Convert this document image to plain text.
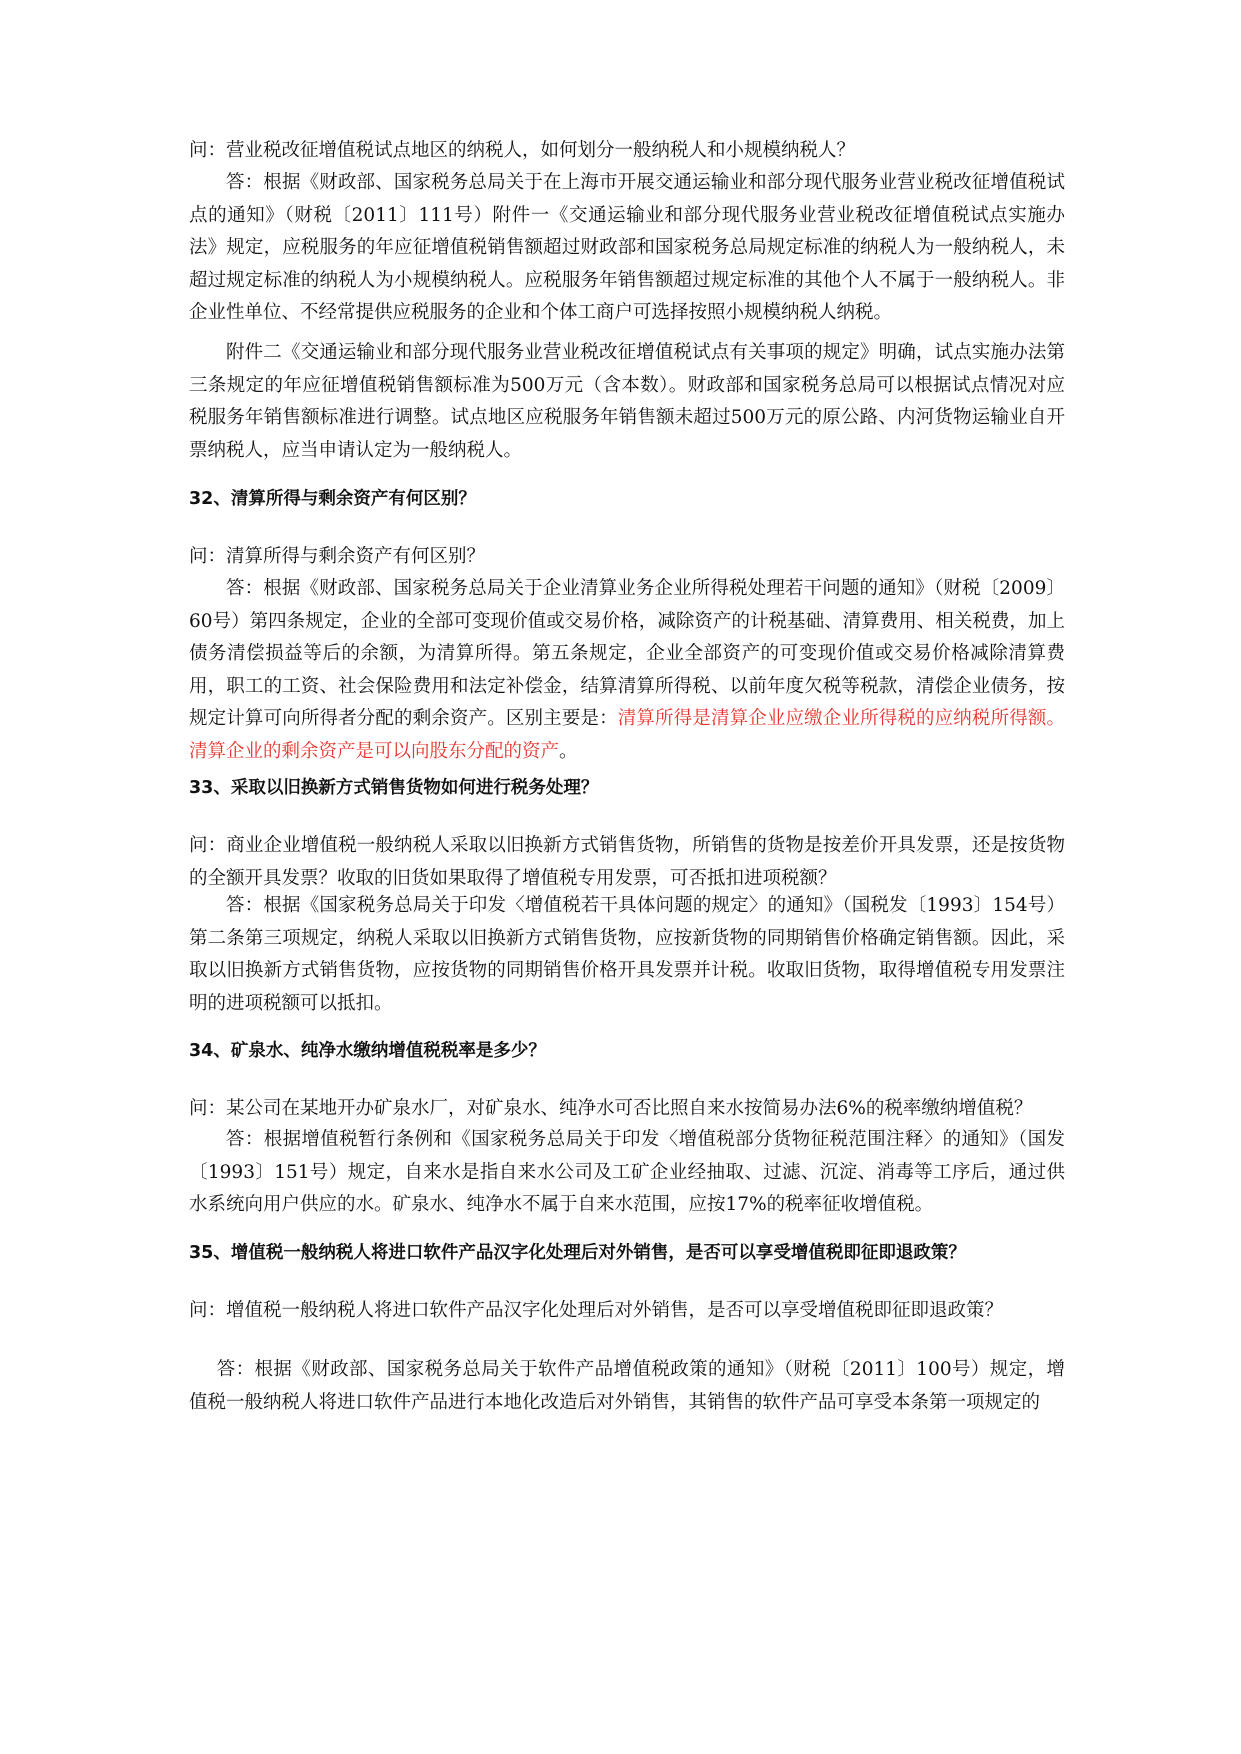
问：营业税改征增值税试点地区的纳税人，如何划分一般纳税人和小规模纳税人？

答：根据《财政部、国家税务总局关于在上海市开展交通运输业和部分现代服务业营业税改征增值税试点的通知》（财税〔2011〕111号）附件一《交通运输业和部分现代服务业营业税改征增值税试点实施办法》规定，应税服务的年应征增值税销售额超过财政部和国家税务总局规定标准的纳税人为一般纳税人，未超过规定标准的纳税人为小规模纳税人。应税服务年销售额超过规定标准的其他个人不属于一般纳税人。非企业性单位、不经常提供应税服务的企业和个体工商户可选择按照小规模纳税人纳税。

附件二《交通运输业和部分现代服务业营业税改征增值税试点有关事项的规定》明确，试点实施办法第三条规定的年应征增值税销售额标准为500万元（含本数）。财政部和国家税务总局可以根据试点情况对应税服务年销售额标准进行调整。试点地区应税服务年销售额未超过500万元的原公路、内河货物运输业自开票纳税人，应当申请认定为一般纳税人。

32、清算所得与剩余资产有何区别？

问：清算所得与剩余资产有何区别？

答：根据《财政部、国家税务总局关于企业清算业务企业所得税处理若干问题的通知》（财税〔2009〕60号）第四条规定，企业的全部可变现价值或交易价格，减除资产的计税基础、清算费用、相关税费，加上债务清偿损益等后的余额，为清算所得。第五条规定，企业全部资产的可变现价值或交易价格减除清算费用，职工的工资、社会保险费用和法定补偿金，结算清算所得税、以前年度欠税等税款，清偿企业债务，按规定计算可向所得者分配的剩余资产。区别主要是：清算所得是清算企业应缴企业所得税的应纳税所得额。清算企业的剩余资产是可以向股东分配的资产。

33、采取以旧换新方式销售货物如何进行税务处理？

问：商业企业增值税一般纳税人采取以旧换新方式销售货物，所销售的货物是按差价开具发票，还是按货物的全额开具发票？收取的旧货如果取得了增值税专用发票，可否抵扣进项税额？

答：根据《国家税务总局关于印发〈增值税若干具体问题的规定〉的通知》（国税发〔1993〕154号）第二条第三项规定，纳税人采取以旧换新方式销售货物，应按新货物的同期销售价格确定销售额。因此，采取以旧换新方式销售货物，应按货物的同期销售价格开具发票并计税。收取旧货物，取得增值税专用发票注明的进项税额可以抵扣。

34、矿泉水、纯净水缴纳增值税税率是多少？

问：某公司在某地开办矿泉水厂，对矿泉水、纯净水可否比照自来水按简易办法6%的税率缴纳增值税？

答：根据增值税暂行条例和《国家税务总局关于印发〈增值税部分货物征税范围注释〉的通知》（国发〔1993〕151号）规定，自来水是指自来水公司及工矿企业经抽取、过滤、沉淀、消毒等工序后，通过供水系统向用户供应的水。矿泉水、纯净水不属于自来水范围，应按17%的税率征收增值税。

35、增值税一般纳税人将进口软件产品汉字化处理后对外销售，是否可以享受增值税即征即退政策？

问：增值税一般纳税人将进口软件产品汉字化处理后对外销售，是否可以享受增值税即征即退政策？

答：根据《财政部、国家税务总局关于软件产品增值税政策的通知》（财税〔2011〕100号）规定，增值税一般纳税人将进口软件产品进行本地化改造后对外销售，其销售的软件产品可享受本条第一项规定的
